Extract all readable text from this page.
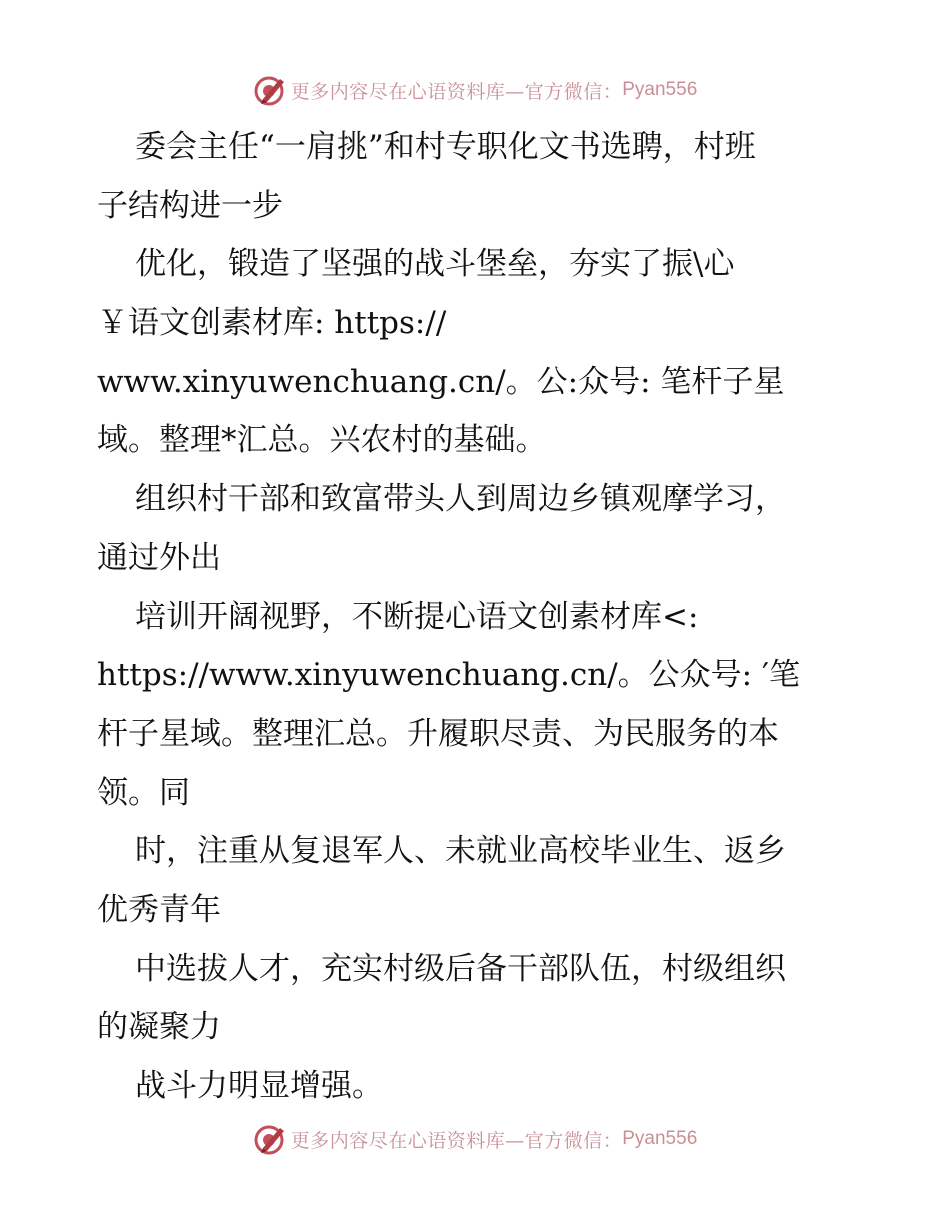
更多内容尽在心语资料库—官方微信： Pyan556
委会主任“一肩挑”和村专职化文书选聘，村班
子结构进一步
优化，锻造了坚强的战斗堡垒，夯实了振\心
￥语文创素材库: https://
www.xinyuwenchuang.cn/。公:众号: 笔杆子星
域。整理*汇总。兴农村的基础。
组织村干部和致富带头人到周边乡镇观摩学习，
通过外出
培训开阔视野，不断提心语文创素材库<:
https://www.xinyuwenchuang.cn/。公众号: ′笔
杆子星域。整理汇总。升履职尽责、为民服务的本
领。同
时，注重从复退军人、未就业高校毕业生、返乡
优秀青年
中选拔人才，充实村级后备干部队伍，村级组织
的凝聚力
战斗力明显增强。
更多内容尽在心语资料库—官方微信： Pyan556
